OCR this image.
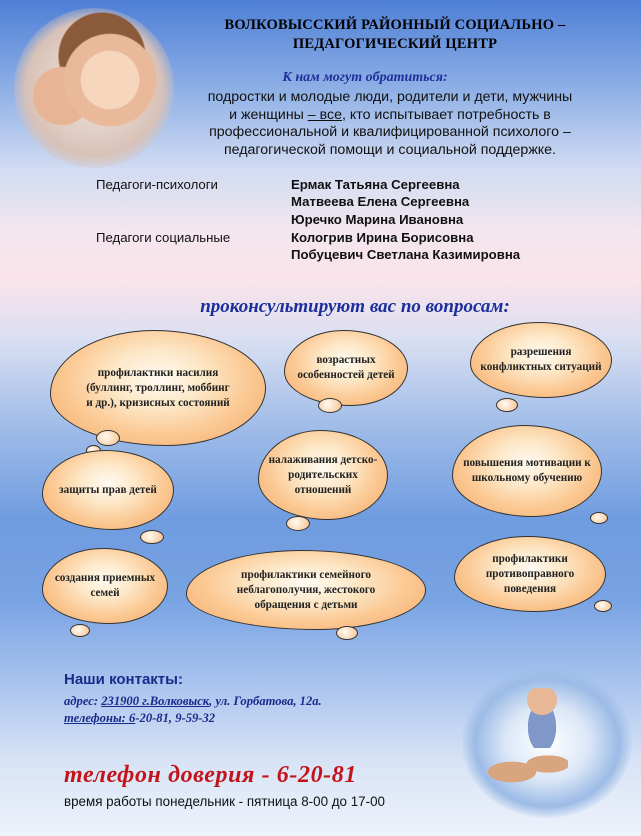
ВОЛКОВЫССКИЙ РАЙОННЫЙ СОЦИАЛЬНО –
ПЕДАГОГИЧЕСКИЙ ЦЕНТР
К нам могут обратиться:
подростки и молодые люди, родители и дети, мужчины
и женщины – все, кто испытывает потребность в
профессиональной и квалифицированной психолого –
педагогической помощи и социальной поддержке.
Педагоги-психологи	Ермак Татьяна Сергеевна
Матвеева Елена Сергеевна
Юречко Марина Ивановна
Педагоги социальные	Кологрив Ирина Борисовна
Побуцевич Светлана Казимировна
проконсультируют вас по вопросам:
профилактики насилия (буллинг, троллинг, моббинг и др.), кризисных состояний
возрастных особенностей детей
разрешения конфликтных ситуаций
защиты прав детей
налаживания детско-родительских отношений
повышения мотивации к школьному обучению
создания приемных семей
профилактики семейного неблагополучия, жестокого обращения с детьми
профилактики противоправного поведения
Наши контакты:
адрес: 231900 г.Волковыск, ул. Горбатова, 12а.
телефоны: 6-20-81, 9-59-32
телефон доверия - 6-20-81
время работы понедельник - пятница 8-00 до 17-00
